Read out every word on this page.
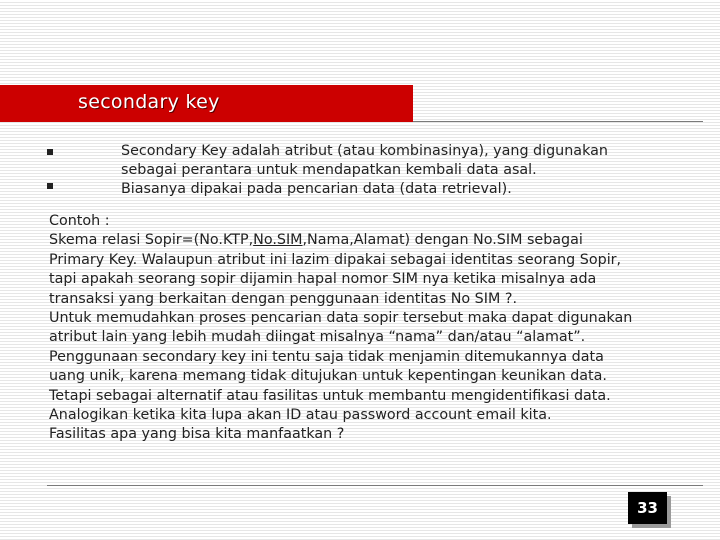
secondary key
Secondary Key adalah atribut (atau kombinasinya), yang digunakan
sebagai perantara untuk mendapatkan kembali data asal.
Biasanya dipakai pada pencarian data (data retrieval).
Contoh :
Skema relasi Sopir=(No.KTP,No.SIM,Nama,Alamat) dengan No.SIM sebagai
Primary Key. Walaupun atribut ini lazim dipakai sebagai identitas seorang Sopir,
tapi apakah seorang sopir dijamin hapal nomor SIM nya ketika misalnya ada
transaksi yang berkaitan dengan penggunaan identitas No SIM ?.
Untuk memudahkan proses pencarian data sopir tersebut maka dapat digunakan
atribut lain yang lebih mudah diingat misalnya “nama” dan/atau “alamat”.
Penggunaan secondary key ini tentu saja tidak menjamin ditemukannya data
uang unik, karena memang tidak ditujukan untuk kepentingan keunikan data.
Tetapi sebagai alternatif atau fasilitas untuk membantu mengidentifikasi data.
Analogikan ketika kita lupa akan ID atau password account email kita.
Fasilitas apa yang bisa kita manfaatkan ?
33
